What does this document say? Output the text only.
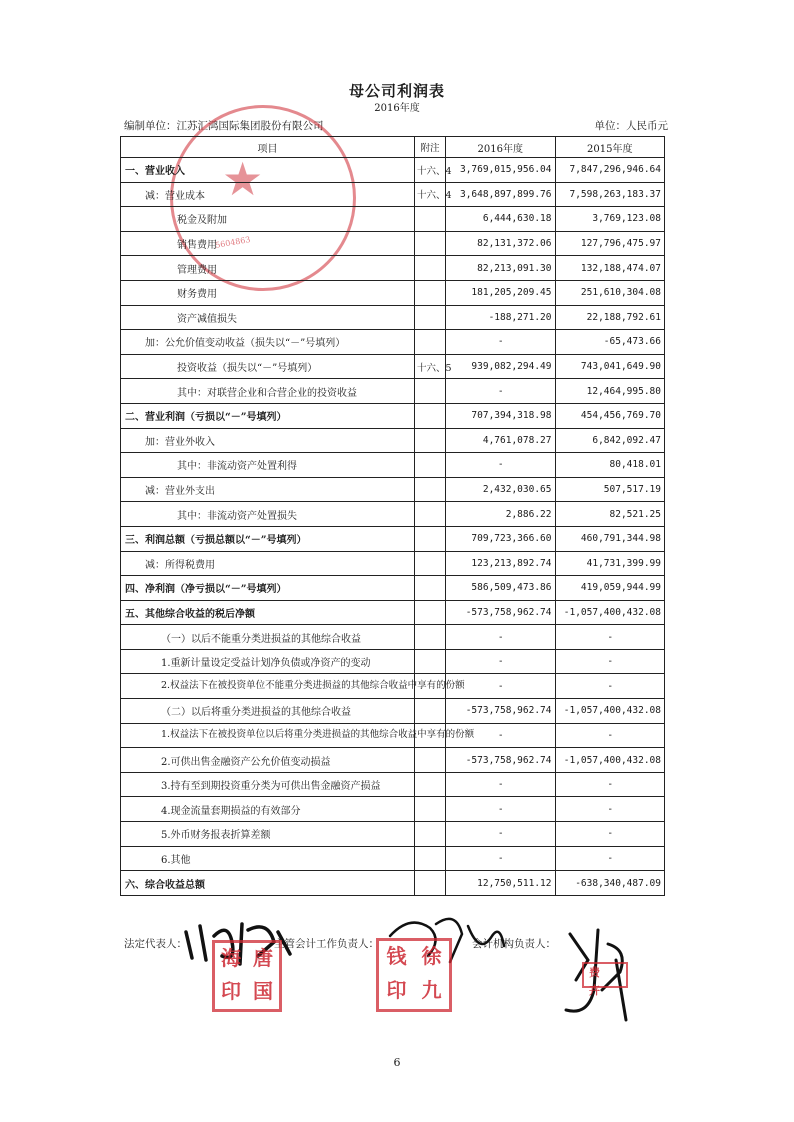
母公司利润表
2016年度
编制单位：江苏汇鸿国际集团股份有限公司	单位：人民币元
★
5604863
项目	附注	2016年度	2015年度
一、营业收入	十六、4	3,769,015,956.04	7,847,296,946.64
减：营业成本	十六、4	3,648,897,899.76	7,598,263,183.37
税金及附加		6,444,630.18	3,769,123.08
销售费用		82,131,372.06	127,796,475.97
管理费用		82,213,091.30	132,188,474.07
财务费用		181,205,209.45	251,610,304.08
资产减值损失		-188,271.20	22,188,792.61
加：公允价值变动收益（损失以“－”号填列）		-	-65,473.66
投资收益（损失以“－”号填列）	十六、5	939,082,294.49	743,041,649.90
其中：对联营企业和合营企业的投资收益		-	12,464,995.80
二、营业利润（亏损以“－”号填列）		707,394,318.98	454,456,769.70
加：营业外收入		4,761,078.27	6,842,092.47
其中：非流动资产处置利得		-	80,418.01
减：营业外支出		2,432,030.65	507,517.19
其中：非流动资产处置损失		2,886.22	82,521.25
三、利润总额（亏损总额以“－”号填列）		709,723,366.60	460,791,344.98
减：所得税费用		123,213,892.74	41,731,399.99
四、净利润（净亏损以“－”号填列）		586,509,473.86	419,059,944.99
五、其他综合收益的税后净额		-573,758,962.74	-1,057,400,432.08
（一）以后不能重分类进损益的其他综合收益		-	-
1.重新计量设定受益计划净负债或净资产的变动		-	-
2.权益法下在被投资单位不能重分类进损益的其他综合收益中享有的份额		-	-
（二）以后将重分类进损益的其他综合收益		-573,758,962.74	-1,057,400,432.08
1.权益法下在被投资单位以后将重分类进损益的其他综合收益中享有的份额		-	-
2.可供出售金融资产公允价值变动损益		-573,758,962.74	-1,057,400,432.08
3.持有至到期投资重分类为可供出售金融资产损益		-	-
4.现金流量套期损益的有效部分		-	-
5.外币财务报表折算差额		-	-
6.其他		-	-
六、综合收益总额		12,750,511.12	-638,340,487.09
法定代表人：	主管会计工作负责人：	会计机构负责人：
海 唐
印 国
钱 徐
印 九
费卉
6
